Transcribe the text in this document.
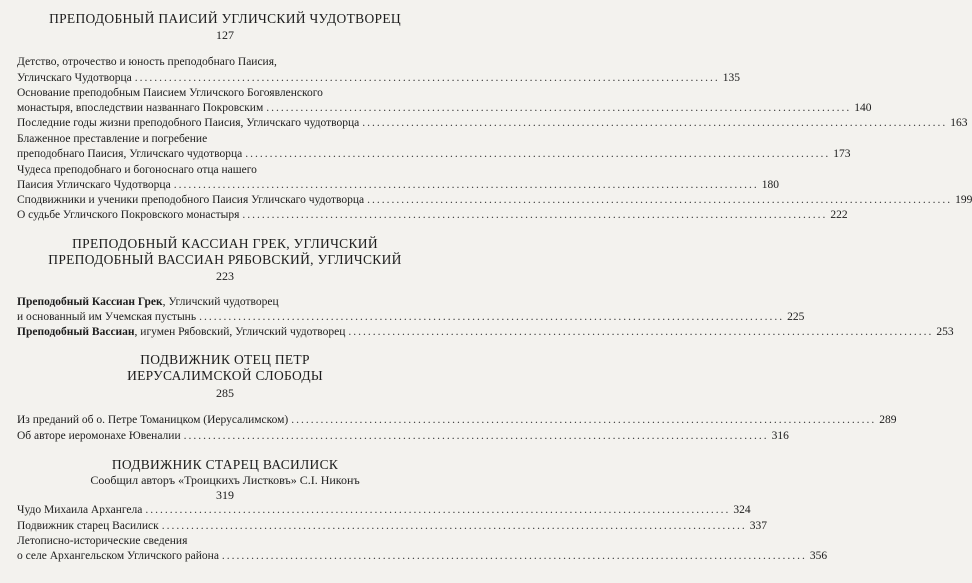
ПРЕПОДОБНЫЙ ПАИСИЙ УГЛИЧСКИЙ ЧУДОТВОРЕЦ
127
Детство, отрочество и юность преподобнаго Паисия,
Угличскаго Чудотворца ........................................................................................................................ 135
Основание преподобным Паисием Угличского Богоявленского
монастыря, впоследствии названнаго Покровским ........................................................................................................................ 140
Последние годы жизни преподобного Паисия, Угличскаго чудотворца ........................................................................................................................ 163
Блаженное преставление и погребение
преподобнаго Паисия, Угличскаго чудотворца ........................................................................................................................ 173
Чудеса преподобнаго и богоноснаго отца нашего
Паисия Угличскаго Чудотворца ........................................................................................................................ 180
Сподвижники и ученики преподобного Паисия Угличскаго чудотворца ........................................................................................................................ 199
О судьбе Угличского Покровского монастыря ........................................................................................................................ 222
ПРЕПОДОБНЫЙ КАССИАН ГРЕК, УГЛИЧСКИЙ
ПРЕПОДОБНЫЙ ВАССИАН РЯБОВСКИЙ, УГЛИЧСКИЙ
223
Преподобный Кассиан Грек, Угличский чудотворец
и основанный им Учемская пустынь ........................................................................................................................ 225
Преподобный Вассиан, игумен Рябовский, Угличский чудотворец ........................................................................................................................ 253
ПОДВИЖНИК ОТЕЦ ПЕТР
ИЕРУСАЛИМСКОЙ СЛОБОДЫ
285
Из преданий об о. Петре Томаницком (Иерусалимском) ........................................................................................................................ 289
Об авторе иеромонахе Ювеналии ........................................................................................................................ 316
ПОДВИЖНИК СТАРЕЦ ВАСИЛИСК
Сообщил авторъ «Троицкихъ Листковъ» С.І. Никонъ
319
Чудо Михаила Архангела ........................................................................................................................ 324
Подвижник старец Василиск ........................................................................................................................ 337
Летописно-исторические сведения
о селе Архангельском Угличского района ........................................................................................................................ 356
